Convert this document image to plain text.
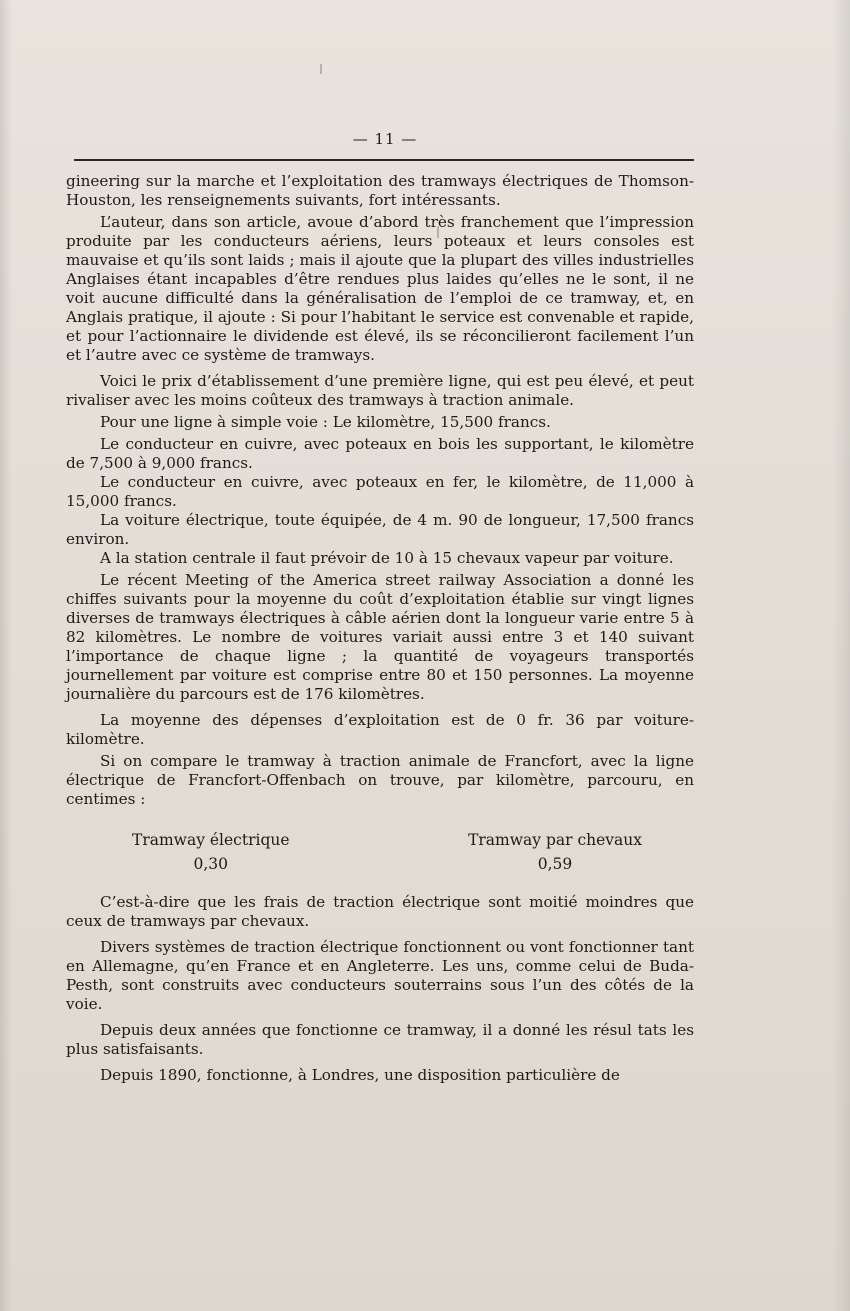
— 11 —

gineering sur la marche et l’exploitation des tramways électriques de Thomson-Houston, les renseignements suivants, fort intéressants.

L’auteur, dans son article, avoue d’abord très franchement que l’impression produite par les conducteurs aériens, leurs poteaux et leurs consoles est mauvaise et qu’ils sont laids ; mais il ajoute que la plupart des villes industrielles Anglaises étant incapables d’être rendues plus laides qu’elles ne le sont, il ne voit aucune difficulté dans la généralisation de l’emploi de ce tramway, et, en Anglais pratique, il ajoute : Si pour l’habitant le service est convenable et rapide, et pour l’actionnaire le dividende est élevé, ils se réconcilieront facilement l’un et l’autre avec ce système de tramways.

Voici le prix d’établissement d’une première ligne, qui est peu élevé, et peut rivaliser avec les moins coûteux des tramways à traction animale.

Pour une ligne à simple voie : Le kilomètre, 15,500 francs.

Le conducteur en cuivre, avec poteaux en bois les supportant, le kilomètre de 7,500 à 9,000 francs.

Le conducteur en cuivre, avec poteaux en fer, le kilomètre, de 11,000 à 15,000 francs.

La voiture électrique, toute équipée, de 4 m. 90 de longueur, 17,500 francs environ.

A la station centrale il faut prévoir de 10 à 15 chevaux vapeur par voiture.

Le récent Meeting of the America street railway Association a donné les chiffes suivants pour la moyenne du coût d’exploitation établie sur vingt lignes diverses de tramways électriques à câble aérien dont la longueur varie entre 5 à 82 kilomètres. Le nombre de voitures variait aussi entre 3 et 140 suivant l’importance de chaque ligne ; la quantité de voyageurs transportés journellement par voiture est comprise entre 80 et 150 personnes. La moyenne journalière du parcours est de 176 kilomètres.

La moyenne des dépenses d’exploitation est de 0 fr. 36 par voiture-kilomètre.

Si on compare le tramway à traction animale de Francfort, avec la ligne électrique de Francfort-Offenbach on trouve, par kilomètre, parcouru, en centimes :

Tramway électrique
0,30
Tramway par chevaux
0,59

C’est-à-dire que les frais de traction électrique sont moitié moindres que ceux de tramways par chevaux.

Divers systèmes de traction électrique fonctionnent ou vont fonctionner tant en Allemagne, qu’en France et en Angleterre. Les uns, comme celui de Buda-Pesth, sont construits avec conducteurs souterrains sous l’un des côtés de la voie.

Depuis deux années que fonctionne ce tramway, il a donné les résul tats les plus satisfaisants.

Depuis 1890, fonctionne, à Londres, une disposition particulière de
